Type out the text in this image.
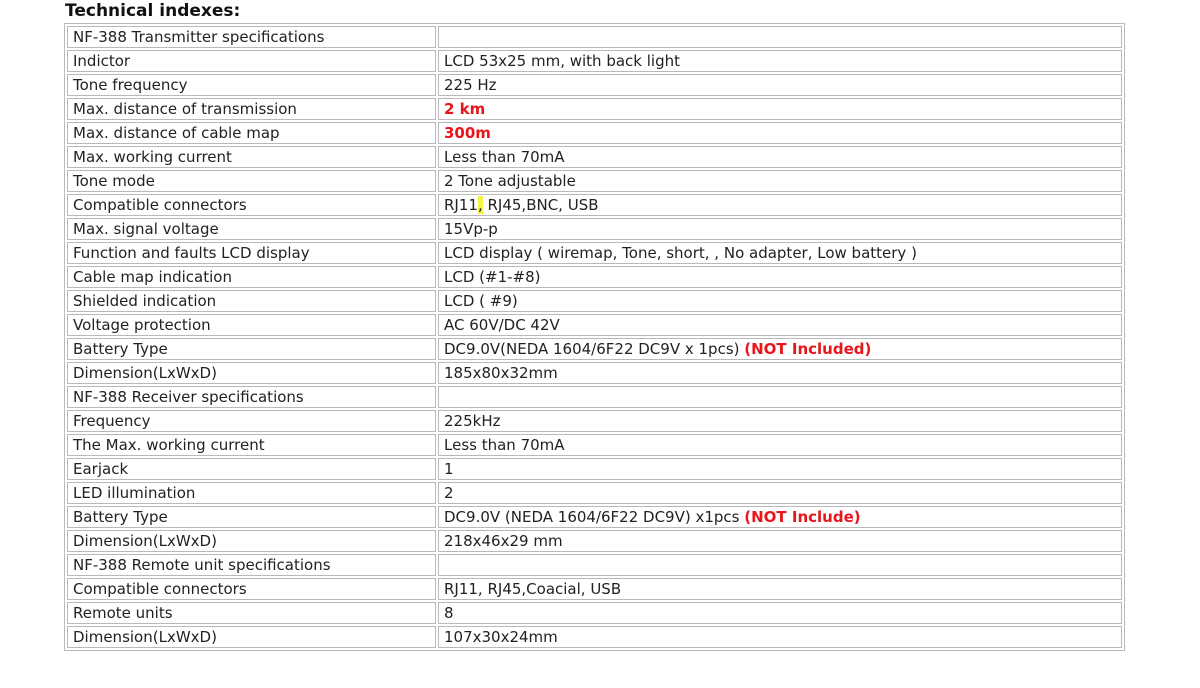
Technical indexes:
NF-388 Transmitter specifications	
Indictor	LCD 53x25 mm, with back light
Tone frequency	225 Hz
Max. distance of transmission	2 km
Max. distance of cable map	300m
Max. working current	Less than 70mA
Tone mode	2 Tone adjustable
Compatible connectors	RJ11, RJ45,BNC, USB
Max. signal voltage	15Vp-p
Function and faults LCD display	LCD display ( wiremap, Tone, short, , No adapter, Low battery )
Cable map indication	LCD (#1-#8)
Shielded indication	LCD ( #9)
Voltage protection	AC 60V/DC 42V
Battery Type	DC9.0V(NEDA 1604/6F22 DC9V x 1pcs) (NOT Included)
Dimension(LxWxD)	185x80x32mm
NF-388 Receiver specifications	
Frequency	225kHz
The Max. working current	Less than 70mA
Earjack	1
LED illumination	2
Battery Type	DC9.0V (NEDA 1604/6F22 DC9V) x1pcs (NOT Include)
Dimension(LxWxD)	218x46x29 mm
NF-388 Remote unit specifications	
Compatible connectors	RJ11, RJ45,Coacial, USB
Remote units	8
Dimension(LxWxD)	107x30x24mm
